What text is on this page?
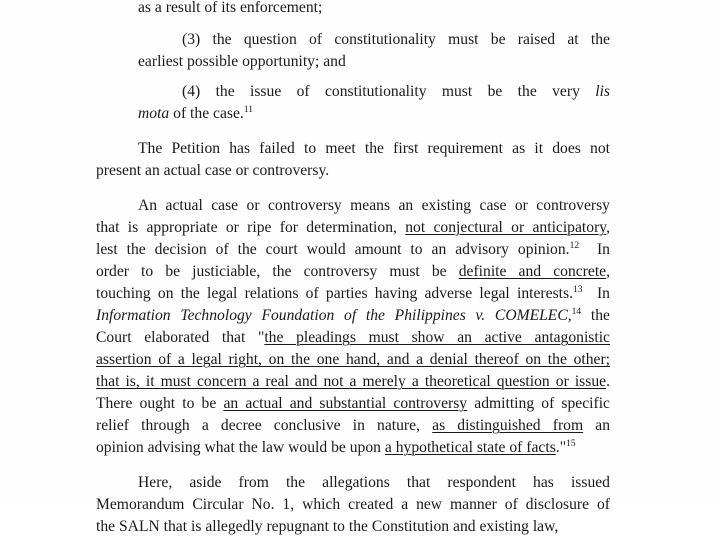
as a result of its enforcement;
(3) the question of constitutionality must be raised at the
earliest possible opportunity; and
(4) the issue of constitutionality must be the very lis
mota of the case.$^{11}$
The Petition has failed to meet the first requirement as it does not
present an actual case or controversy.
An actual case or controversy means an existing case or controversy
that is appropriate or ripe for determination, not conjectural or anticipatory,
lest the decision of the court would amount to an advisory opinion.$^{12}$  In
order to be justiciable, the controversy must be definite and concrete,
touching on the legal relations of parties having adverse legal interests.$^{13}$  In
Information Technology Foundation of the Philippines v. COMELEC,$^{14}$ the
Court elaborated that "the pleadings must show an active antagonistic
assertion of a legal right, on the one hand, and a denial thereof on the other;
that is, it must concern a real and not a merely a theoretical question or issue.
There ought to be an actual and substantial controversy admitting of specific
relief through a decree conclusive in nature, as distinguished from an
opinion advising what the law would be upon a hypothetical state of facts."$^{15}$
Here, aside from the allegations that respondent has issued
Memorandum Circular No. 1, which created a new manner of disclosure of
the SALN that is allegedly repugnant to the Constitution and existing law,
